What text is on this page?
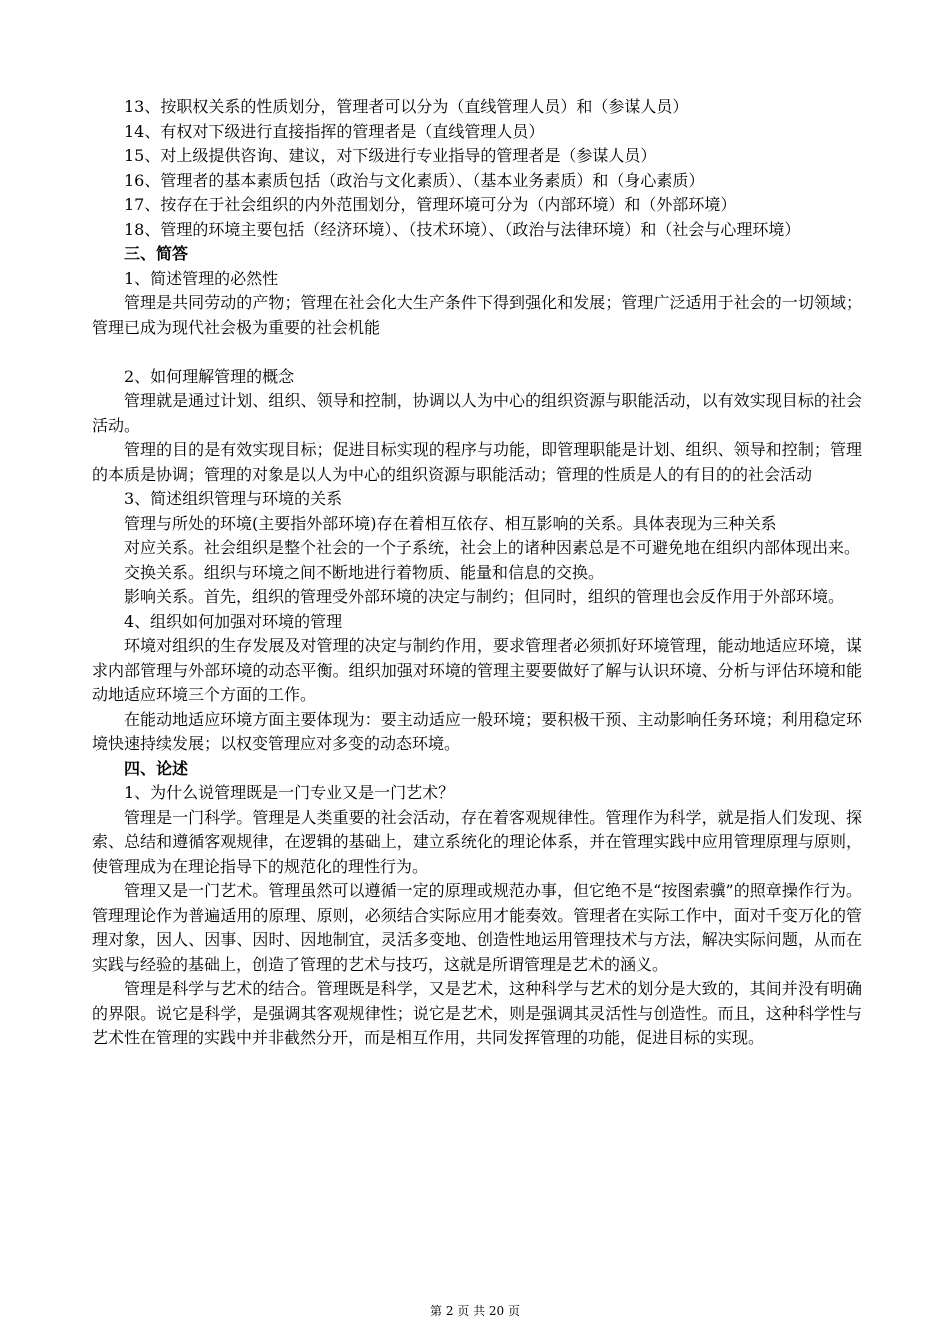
13、按职权关系的性质划分，管理者可以分为（直线管理人员）和（参谋人员）

14、有权对下级进行直接指挥的管理者是（直线管理人员）

15、对上级提供咨询、建议，对下级进行专业指导的管理者是（参谋人员）

16、管理者的基本素质包括（政治与文化素质）、（基本业务素质）和（身心素质）

17、按存在于社会组织的内外范围划分，管理环境可分为（内部环境）和（外部环境）

18、管理的环境主要包括（经济环境）、（技术环境）、（政治与法律环境）和（社会与心理环境）

三、简答

1、简述管理的必然性

管理是共同劳动的产物；管理在社会化大生产条件下得到强化和发展；管理广泛适用于社会的一切领域；管理已成为现代社会极为重要的社会机能

2、如何理解管理的概念

管理就是通过计划、组织、领导和控制，协调以人为中心的组织资源与职能活动，以有效实现目标的社会活动。

管理的目的是有效实现目标；促进目标实现的程序与功能，即管理职能是计划、组织、领导和控制；管理的本质是协调；管理的对象是以人为中心的组织资源与职能活动；管理的性质是人的有目的的社会活动

3、简述组织管理与环境的关系

管理与所处的环境(主要指外部环境)存在着相互依存、相互影响的关系。具体表现为三种关系

对应关系。社会组织是整个社会的一个子系统，社会上的诸种因素总是不可避免地在组织内部体现出来。

交换关系。组织与环境之间不断地进行着物质、能量和信息的交换。

影响关系。首先，组织的管理受外部环境的决定与制约；但同时，组织的管理也会反作用于外部环境。

4、组织如何加强对环境的管理

环境对组织的生存发展及对管理的决定与制约作用，要求管理者必须抓好环境管理，能动地适应环境，谋求内部管理与外部环境的动态平衡。组织加强对环境的管理主要要做好了解与认识环境、分析与评估环境和能动地适应环境三个方面的工作。

在能动地适应环境方面主要体现为：要主动适应一般环境；要积极干预、主动影响任务环境；利用稳定环境快速持续发展；以权变管理应对多变的动态环境。

四、论述

1、为什么说管理既是一门专业又是一门艺术？

管理是一门科学。管理是人类重要的社会活动，存在着客观规律性。管理作为科学，就是指人们发现、探索、总结和遵循客观规律，在逻辑的基础上，建立系统化的理论体系，并在管理实践中应用管理原理与原则，使管理成为在理论指导下的规范化的理性行为。

管理又是一门艺术。管理虽然可以遵循一定的原理或规范办事，但它绝不是“按图索骥”的照章操作行为。管理理论作为普遍适用的原理、原则，必须结合实际应用才能奏效。管理者在实际工作中，面对千变万化的管理对象，因人、因事、因时、因地制宜，灵活多变地、创造性地运用管理技术与方法，解决实际问题，从而在实践与经验的基础上，创造了管理的艺术与技巧，这就是所谓管理是艺术的涵义。

管理是科学与艺术的结合。管理既是科学，又是艺术，这种科学与艺术的划分是大致的，其间并没有明确的界限。说它是科学，是强调其客观规律性；说它是艺术，则是强调其灵活性与创造性。而且，这种科学性与艺术性在管理的实践中并非截然分开，而是相互作用，共同发挥管理的功能，促进目标的实现。

第 2 页 共 20 页
